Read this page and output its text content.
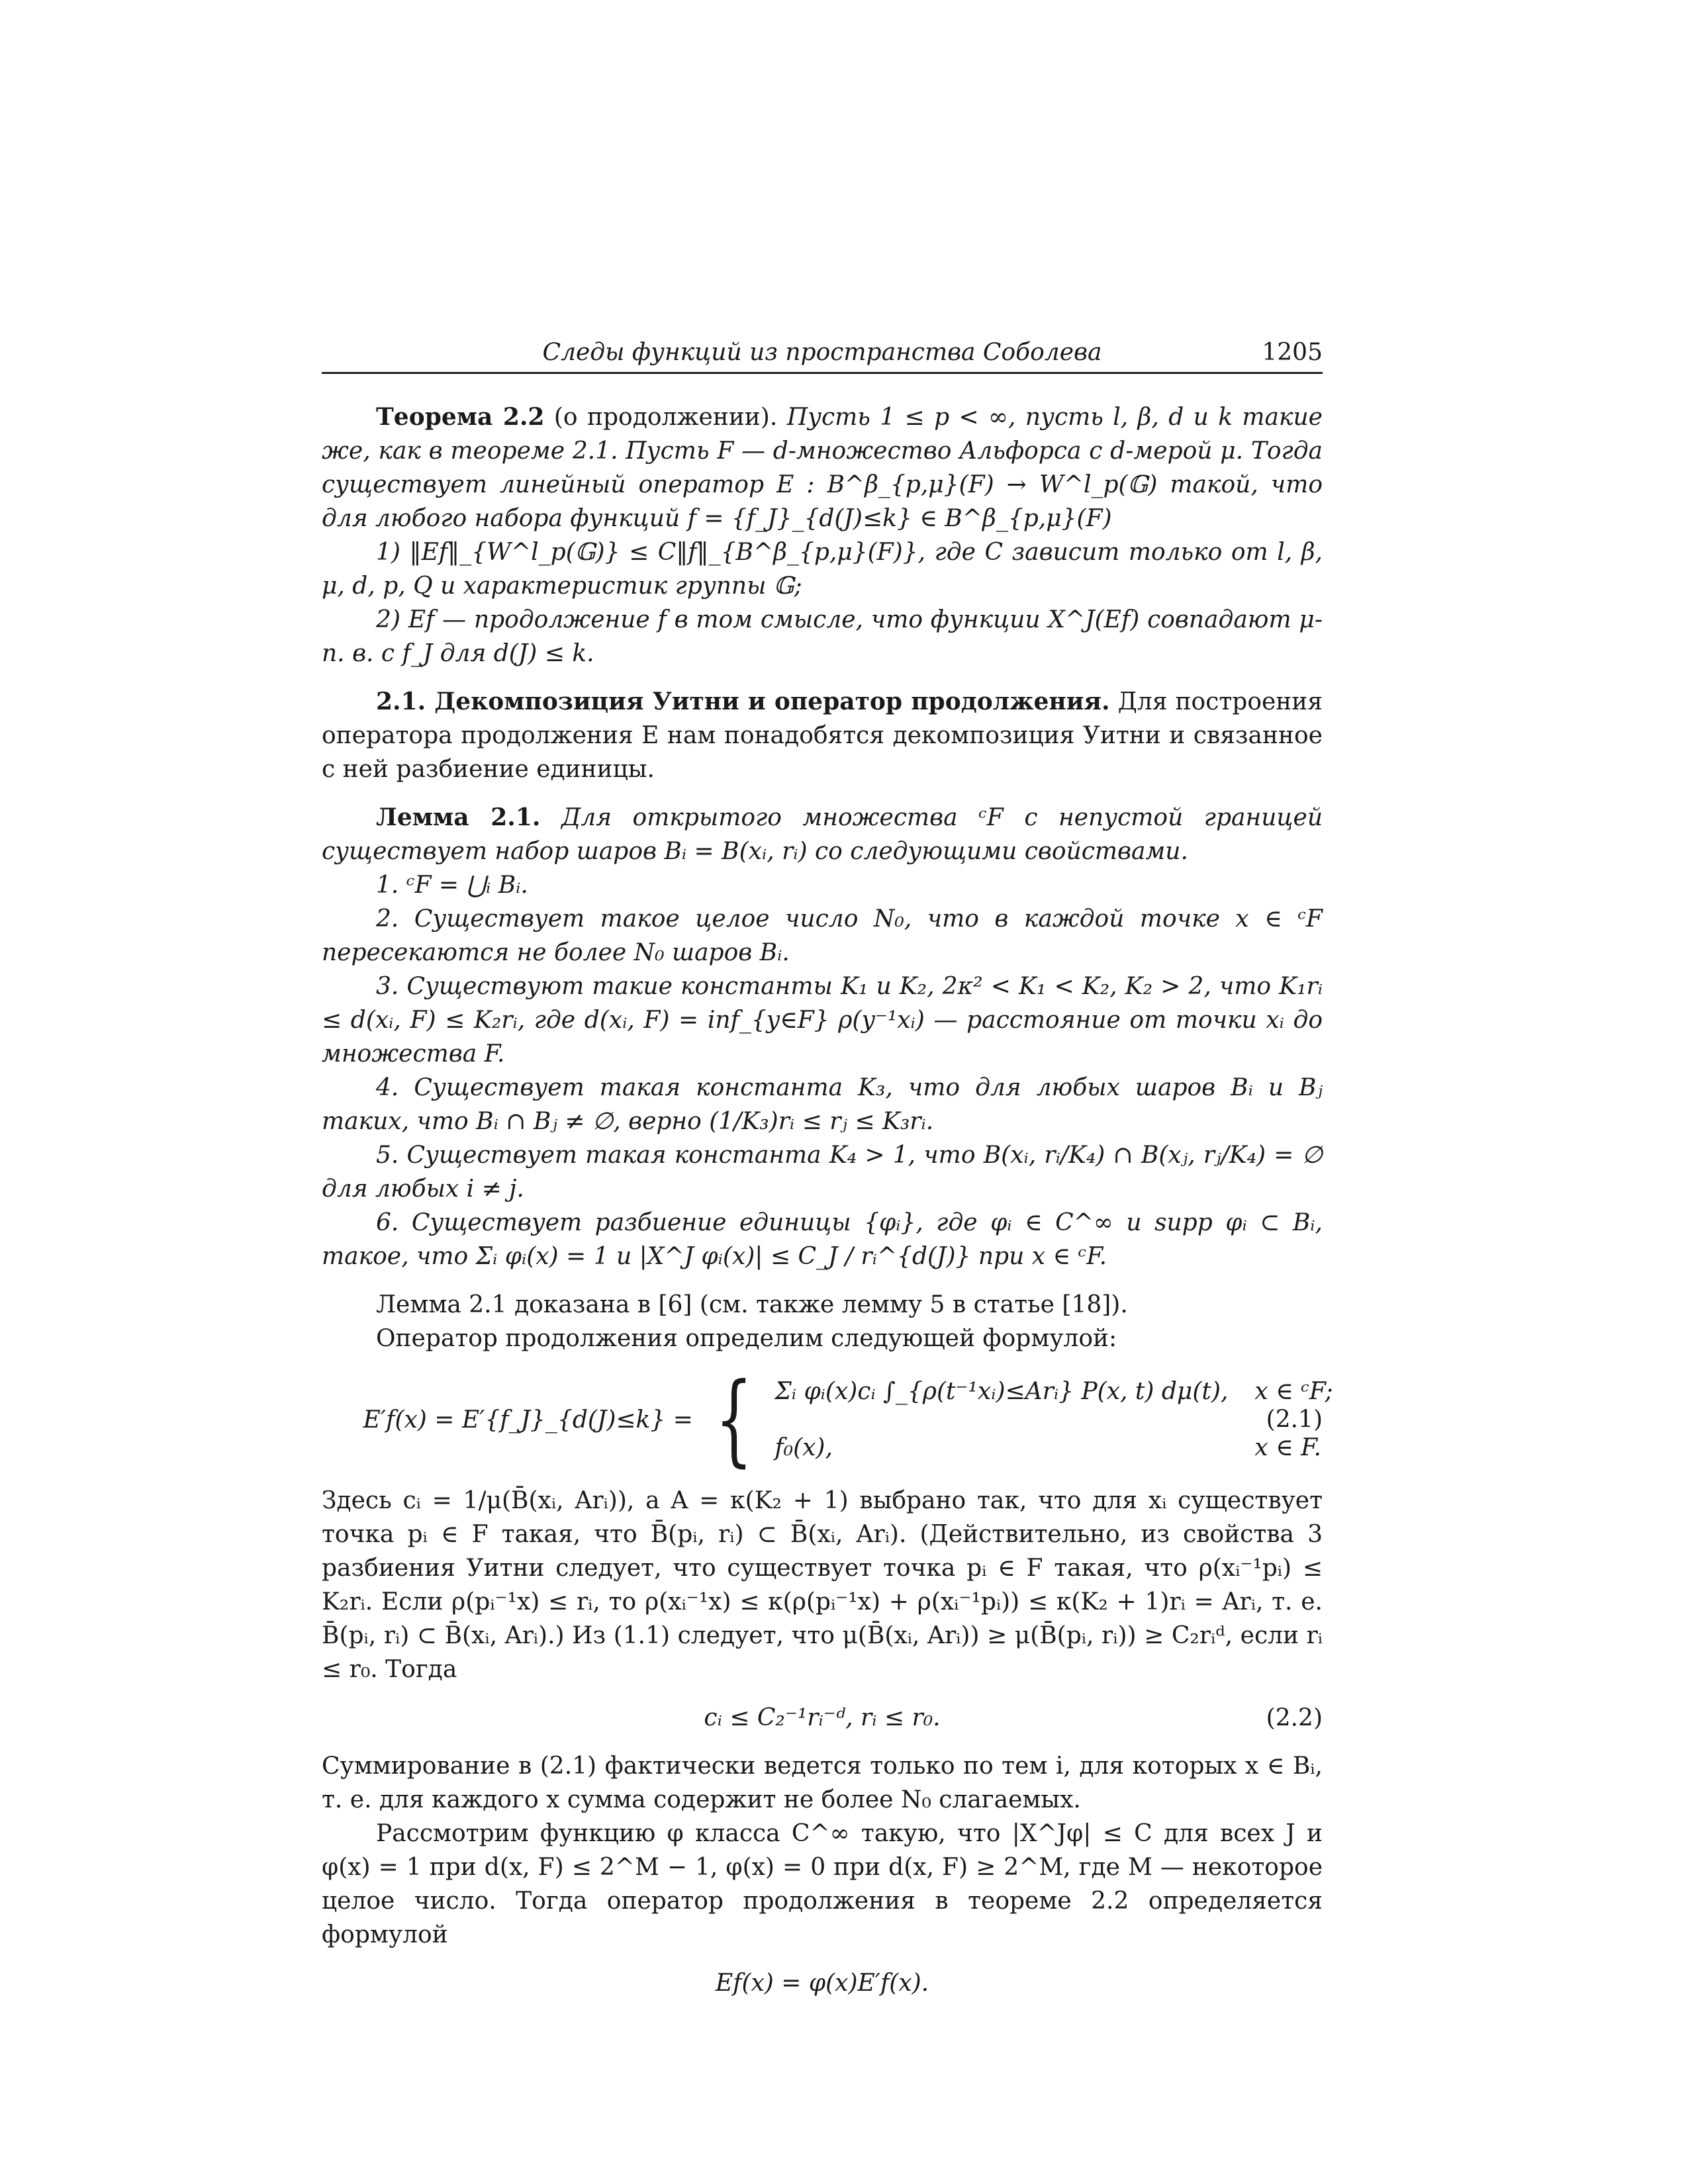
Следы функций из пространства Соболева	1205

Теорема 2.2 (о продолжении). Пусть 1 ≤ p < ∞, пусть l, β, d и k такие же, как в теореме 2.1. Пусть F — d-множество Альфорса с d-мерой μ. Тогда существует линейный оператор E : B^β_{p,μ}(F) → W^l_p(𝔾) такой, что для любого набора функций f = {f_J}_{d(J)≤k} ∈ B^β_{p,μ}(F)

1) ‖Ef‖_{W^l_p(𝔾)} ≤ C‖f‖_{B^β_{p,μ}(F)}, где C зависит только от l, β, μ, d, p, Q и характеристик группы 𝔾;

2) Ef — продолжение f в том смысле, что функции X^J(Ef) совпадают μ-п. в. с f_J для d(J) ≤ k.

2.1. Декомпозиция Уитни и оператор продолжения. Для построения оператора продолжения E нам понадобятся декомпозиция Уитни и связанное с ней разбиение единицы.

Лемма 2.1. Для открытого множества ᶜF с непустой границей существует набор шаров Bᵢ = B(xᵢ, rᵢ) со следующими свойствами.

1. ᶜF = ⋃ᵢ Bᵢ.

2. Существует такое целое число N₀, что в каждой точке x ∈ ᶜF пересекаются не более N₀ шаров Bᵢ.

3. Существуют такие константы K₁ и K₂, 2κ² < K₁ < K₂, K₂ > 2, что K₁rᵢ ≤ d(xᵢ, F) ≤ K₂rᵢ, где d(xᵢ, F) = inf_{y∈F} ρ(y⁻¹xᵢ) — расстояние от точки xᵢ до множества F.

4. Существует такая константа K₃, что для любых шаров Bᵢ и Bⱼ таких, что Bᵢ ∩ Bⱼ ≠ ∅, верно (1/K₃)rᵢ ≤ rⱼ ≤ K₃rᵢ.

5. Существует такая константа K₄ > 1, что B(xᵢ, rᵢ/K₄) ∩ B(xⱼ, rⱼ/K₄) = ∅ для любых i ≠ j.

6. Существует разбиение единицы {φᵢ}, где φᵢ ∈ C^∞ и supp φᵢ ⊂ Bᵢ, такое, что Σᵢ φᵢ(x) = 1 и |X^J φᵢ(x)| ≤ C_J / rᵢ^{d(J)} при x ∈ ᶜF.

Лемма 2.1 доказана в [6] (см. также лемму 5 в статье [18]).

Оператор продолжения определим следующей формулой:

E′f(x) = E′{f_J}_{d(J)≤k} = { Σᵢ φᵢ(x)cᵢ ∫_{ρ(t⁻¹xᵢ)≤Arᵢ} P(x, t) dμ(t),	x ∈ ᶜF;
f₀(x),	x ∈ F.
(2.1)

Здесь cᵢ = 1/μ(B̄(xᵢ, Arᵢ)), а A = κ(K₂ + 1) выбрано так, что для xᵢ существует точка pᵢ ∈ F такая, что B̄(pᵢ, rᵢ) ⊂ B̄(xᵢ, Arᵢ). (Действительно, из свойства 3 разбиения Уитни следует, что существует точка pᵢ ∈ F такая, что ρ(xᵢ⁻¹pᵢ) ≤ K₂rᵢ. Если ρ(pᵢ⁻¹x) ≤ rᵢ, то ρ(xᵢ⁻¹x) ≤ κ(ρ(pᵢ⁻¹x) + ρ(xᵢ⁻¹pᵢ)) ≤ κ(K₂ + 1)rᵢ = Arᵢ, т. е. B̄(pᵢ, rᵢ) ⊂ B̄(xᵢ, Arᵢ).) Из (1.1) следует, что μ(B̄(xᵢ, Arᵢ)) ≥ μ(B̄(pᵢ, rᵢ)) ≥ C₂rᵢᵈ, если rᵢ ≤ r₀. Тогда

cᵢ ≤ C₂⁻¹rᵢ⁻ᵈ, rᵢ ≤ r₀.	(2.2)

Суммирование в (2.1) фактически ведется только по тем i, для которых x ∈ Bᵢ, т. е. для каждого x сумма содержит не более N₀ слагаемых.

Рассмотрим функцию φ класса C^∞ такую, что |X^Jφ| ≤ C для всех J и φ(x) = 1 при d(x, F) ≤ 2^M − 1, φ(x) = 0 при d(x, F) ≥ 2^M, где M — некоторое целое число. Тогда оператор продолжения в теореме 2.2 определяется формулой

Ef(x) = φ(x)E′f(x).
